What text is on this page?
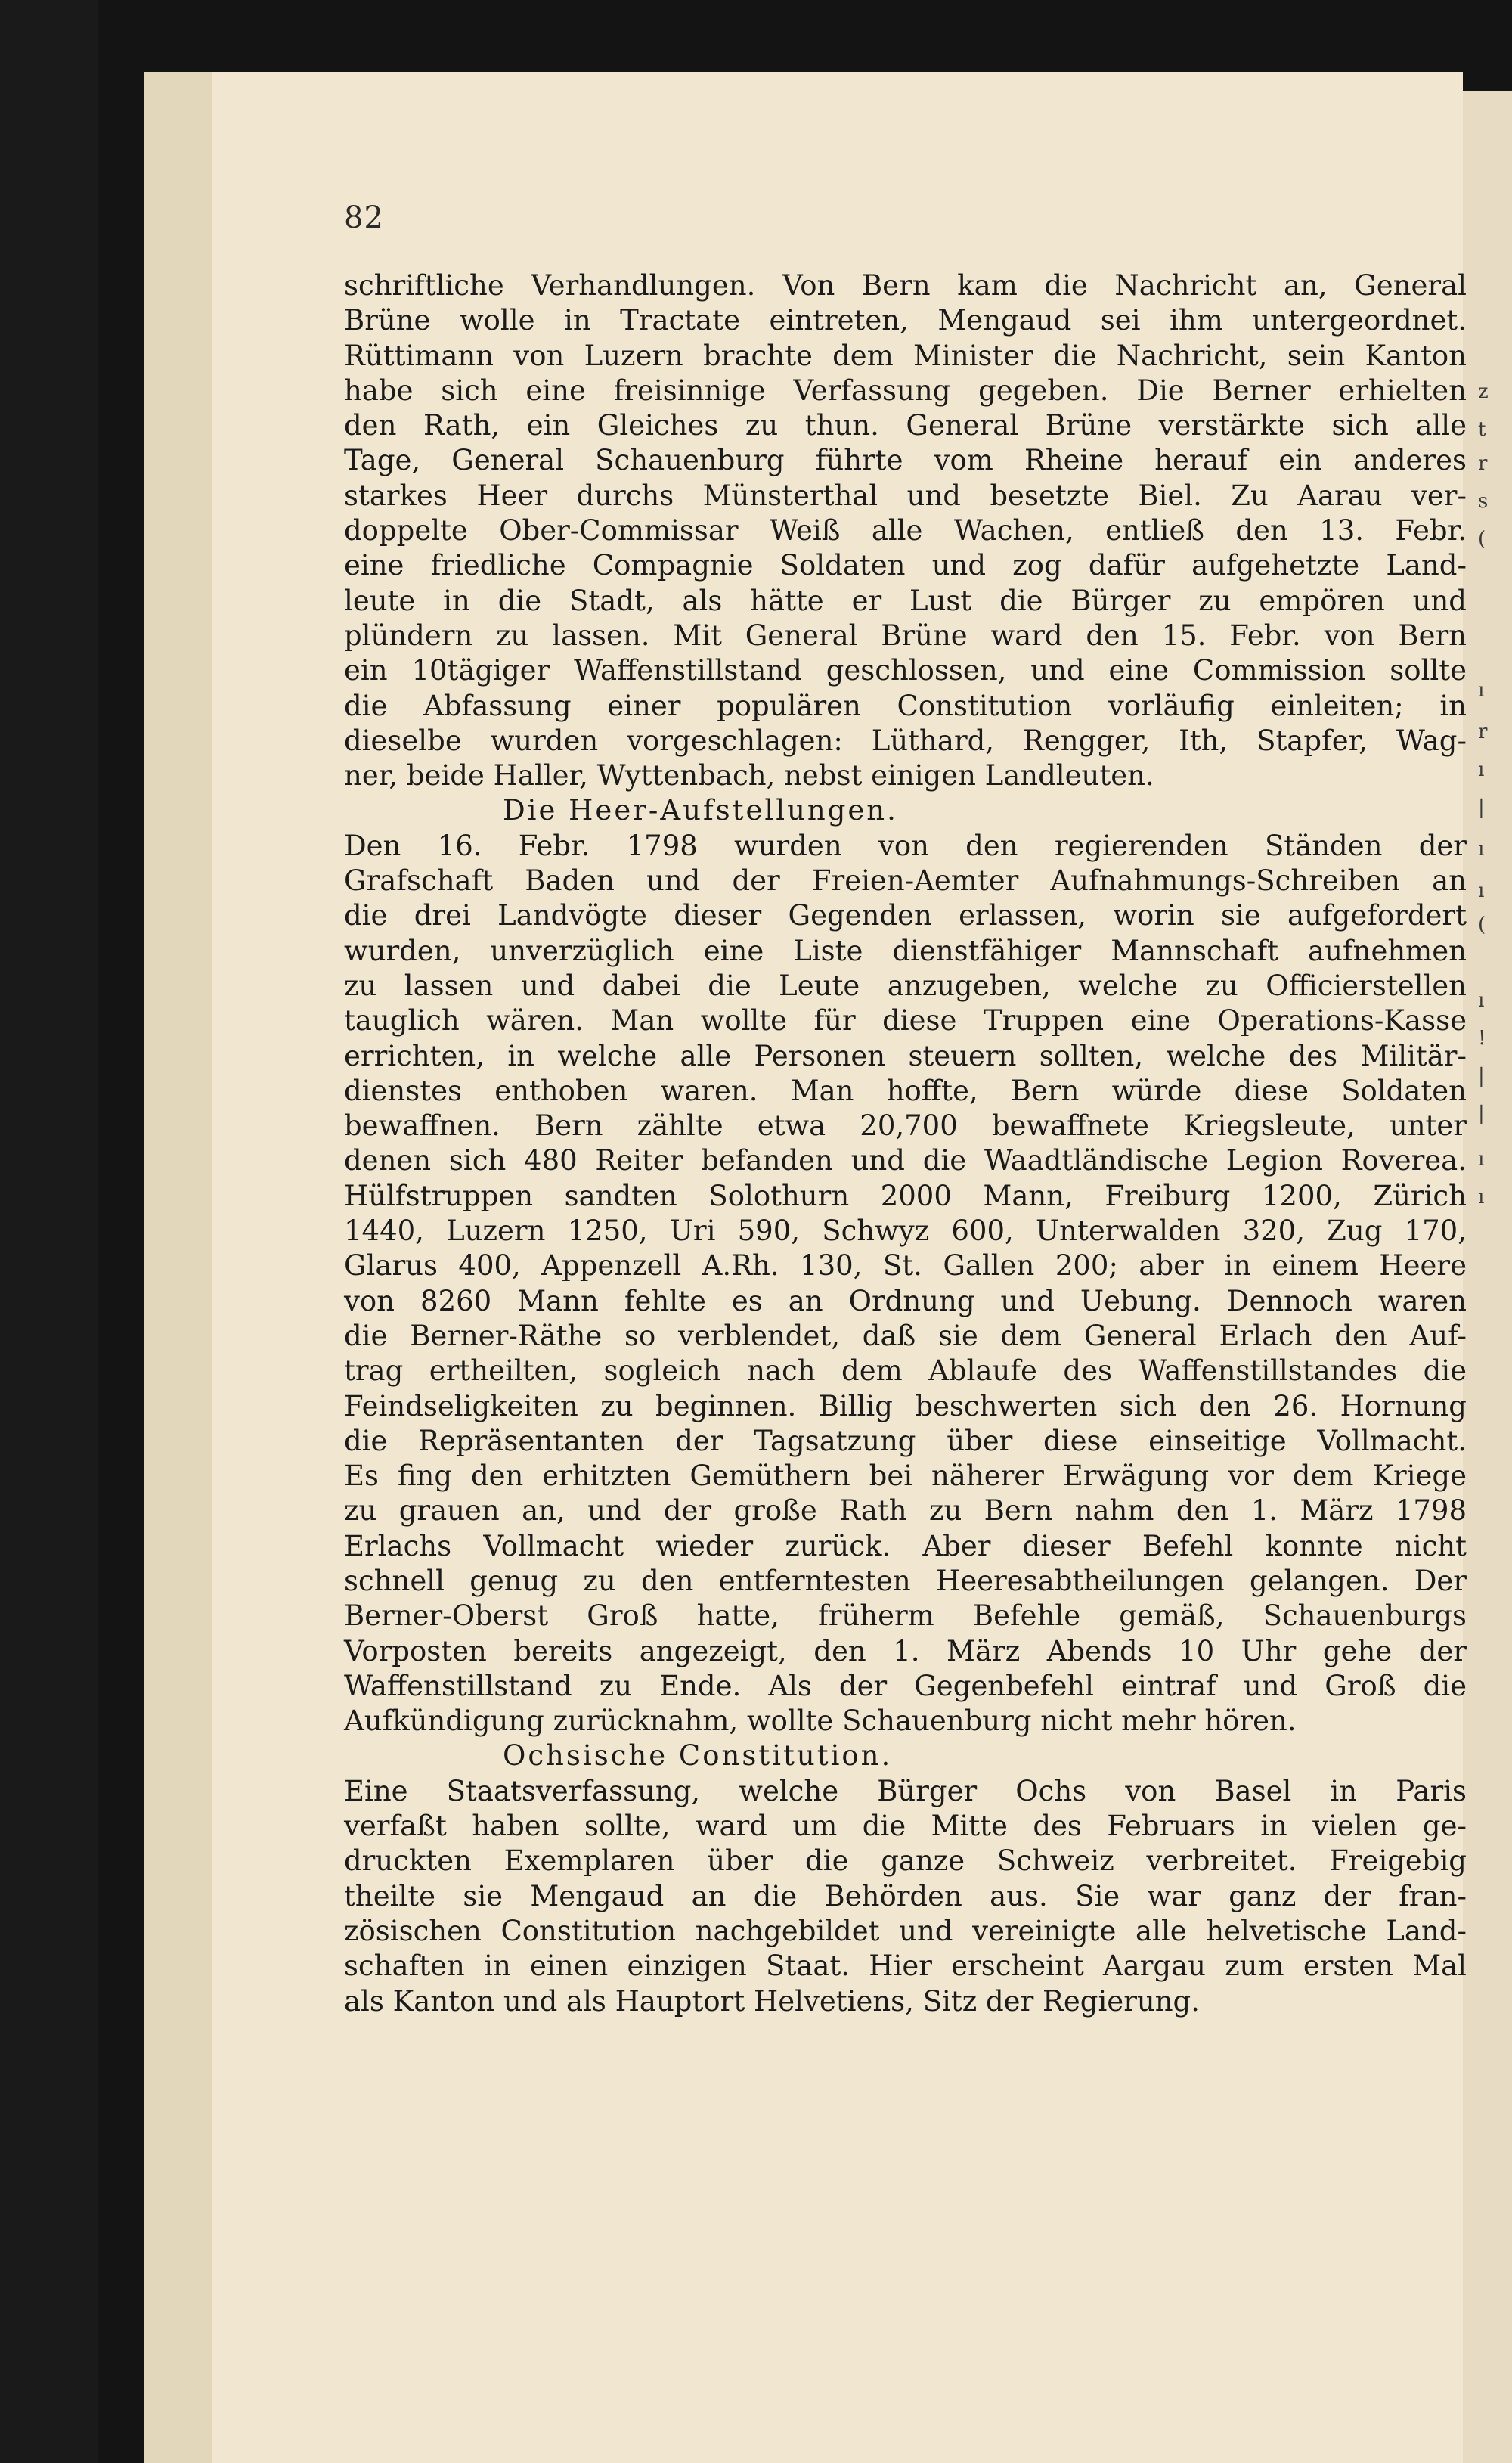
z
t
r
s
(
ı
r
ı
|
ı
ı
(
ı
!
|
|
ı
ı
82
schriftliche Verhandlungen. Von Bern kam die Nachricht an, General
Brüne wolle in Tractate eintreten, Mengaud sei ihm untergeordnet.
Rüttimann von Luzern brachte dem Minister die Nachricht, sein Kanton
habe sich eine freisinnige Verfassung gegeben. Die Berner erhielten
den Rath, ein Gleiches zu thun. General Brüne verstärkte sich alle
Tage, General Schauenburg führte vom Rheine herauf ein anderes
starkes Heer durchs Münsterthal und besetzte Biel. Zu Aarau ver-
doppelte Ober-Commissar Weiß alle Wachen, entließ den 13. Febr.
eine friedliche Compagnie Soldaten und zog dafür aufgehetzte Land-
leute in die Stadt, als hätte er Lust die Bürger zu empören und
plündern zu lassen. Mit General Brüne ward den 15. Febr. von Bern
ein 10tägiger Waffenstillstand geschlossen, und eine Commission sollte
die Abfassung einer populären Constitution vorläufig einleiten; in
dieselbe wurden vorgeschlagen: Lüthard, Rengger, Ith, Stapfer, Wag-
ner, beide Haller, Wyttenbach, nebst einigen Landleuten.
Die Heer-Aufstellungen.
Den 16. Febr. 1798 wurden von den regierenden Ständen der
Grafschaft Baden und der Freien-Aemter Aufnahmungs-Schreiben an
die drei Landvögte dieser Gegenden erlassen, worin sie aufgefordert
wurden, unverzüglich eine Liste dienstfähiger Mannschaft aufnehmen
zu lassen und dabei die Leute anzugeben, welche zu Officierstellen
tauglich wären. Man wollte für diese Truppen eine Operations-Kasse
errichten, in welche alle Personen steuern sollten, welche des Militär-
dienstes enthoben waren. Man hoffte, Bern würde diese Soldaten
bewaffnen. Bern zählte etwa 20,700 bewaffnete Kriegsleute, unter
denen sich 480 Reiter befanden und die Waadtländische Legion Roverea.
Hülfstruppen sandten Solothurn 2000 Mann, Freiburg 1200, Zürich
1440, Luzern 1250, Uri 590, Schwyz 600, Unterwalden 320, Zug 170,
Glarus 400, Appenzell A.Rh. 130, St. Gallen 200; aber in einem Heere
von 8260 Mann fehlte es an Ordnung und Uebung. Dennoch waren
die Berner-Räthe so verblendet, daß sie dem General Erlach den Auf-
trag ertheilten, sogleich nach dem Ablaufe des Waffenstillstandes die
Feindseligkeiten zu beginnen. Billig beschwerten sich den 26. Hornung
die Repräsentanten der Tagsatzung über diese einseitige Vollmacht.
Es fing den erhitzten Gemüthern bei näherer Erwägung vor dem Kriege
zu grauen an, und der große Rath zu Bern nahm den 1. März 1798
Erlachs Vollmacht wieder zurück. Aber dieser Befehl konnte nicht
schnell genug zu den entferntesten Heeresabtheilungen gelangen. Der
Berner-Oberst Groß hatte, früherm Befehle gemäß, Schauenburgs
Vorposten bereits angezeigt, den 1. März Abends 10 Uhr gehe der
Waffenstillstand zu Ende. Als der Gegenbefehl eintraf und Groß die
Aufkündigung zurücknahm, wollte Schauenburg nicht mehr hören.
Ochsische Constitution.
Eine Staatsverfassung, welche Bürger Ochs von Basel in Paris
verfaßt haben sollte, ward um die Mitte des Februars in vielen ge-
druckten Exemplaren über die ganze Schweiz verbreitet. Freigebig
theilte sie Mengaud an die Behörden aus. Sie war ganz der fran-
zösischen Constitution nachgebildet und vereinigte alle helvetische Land-
schaften in einen einzigen Staat. Hier erscheint Aargau zum ersten Mal
als Kanton und als Hauptort Helvetiens, Sitz der Regierung.
